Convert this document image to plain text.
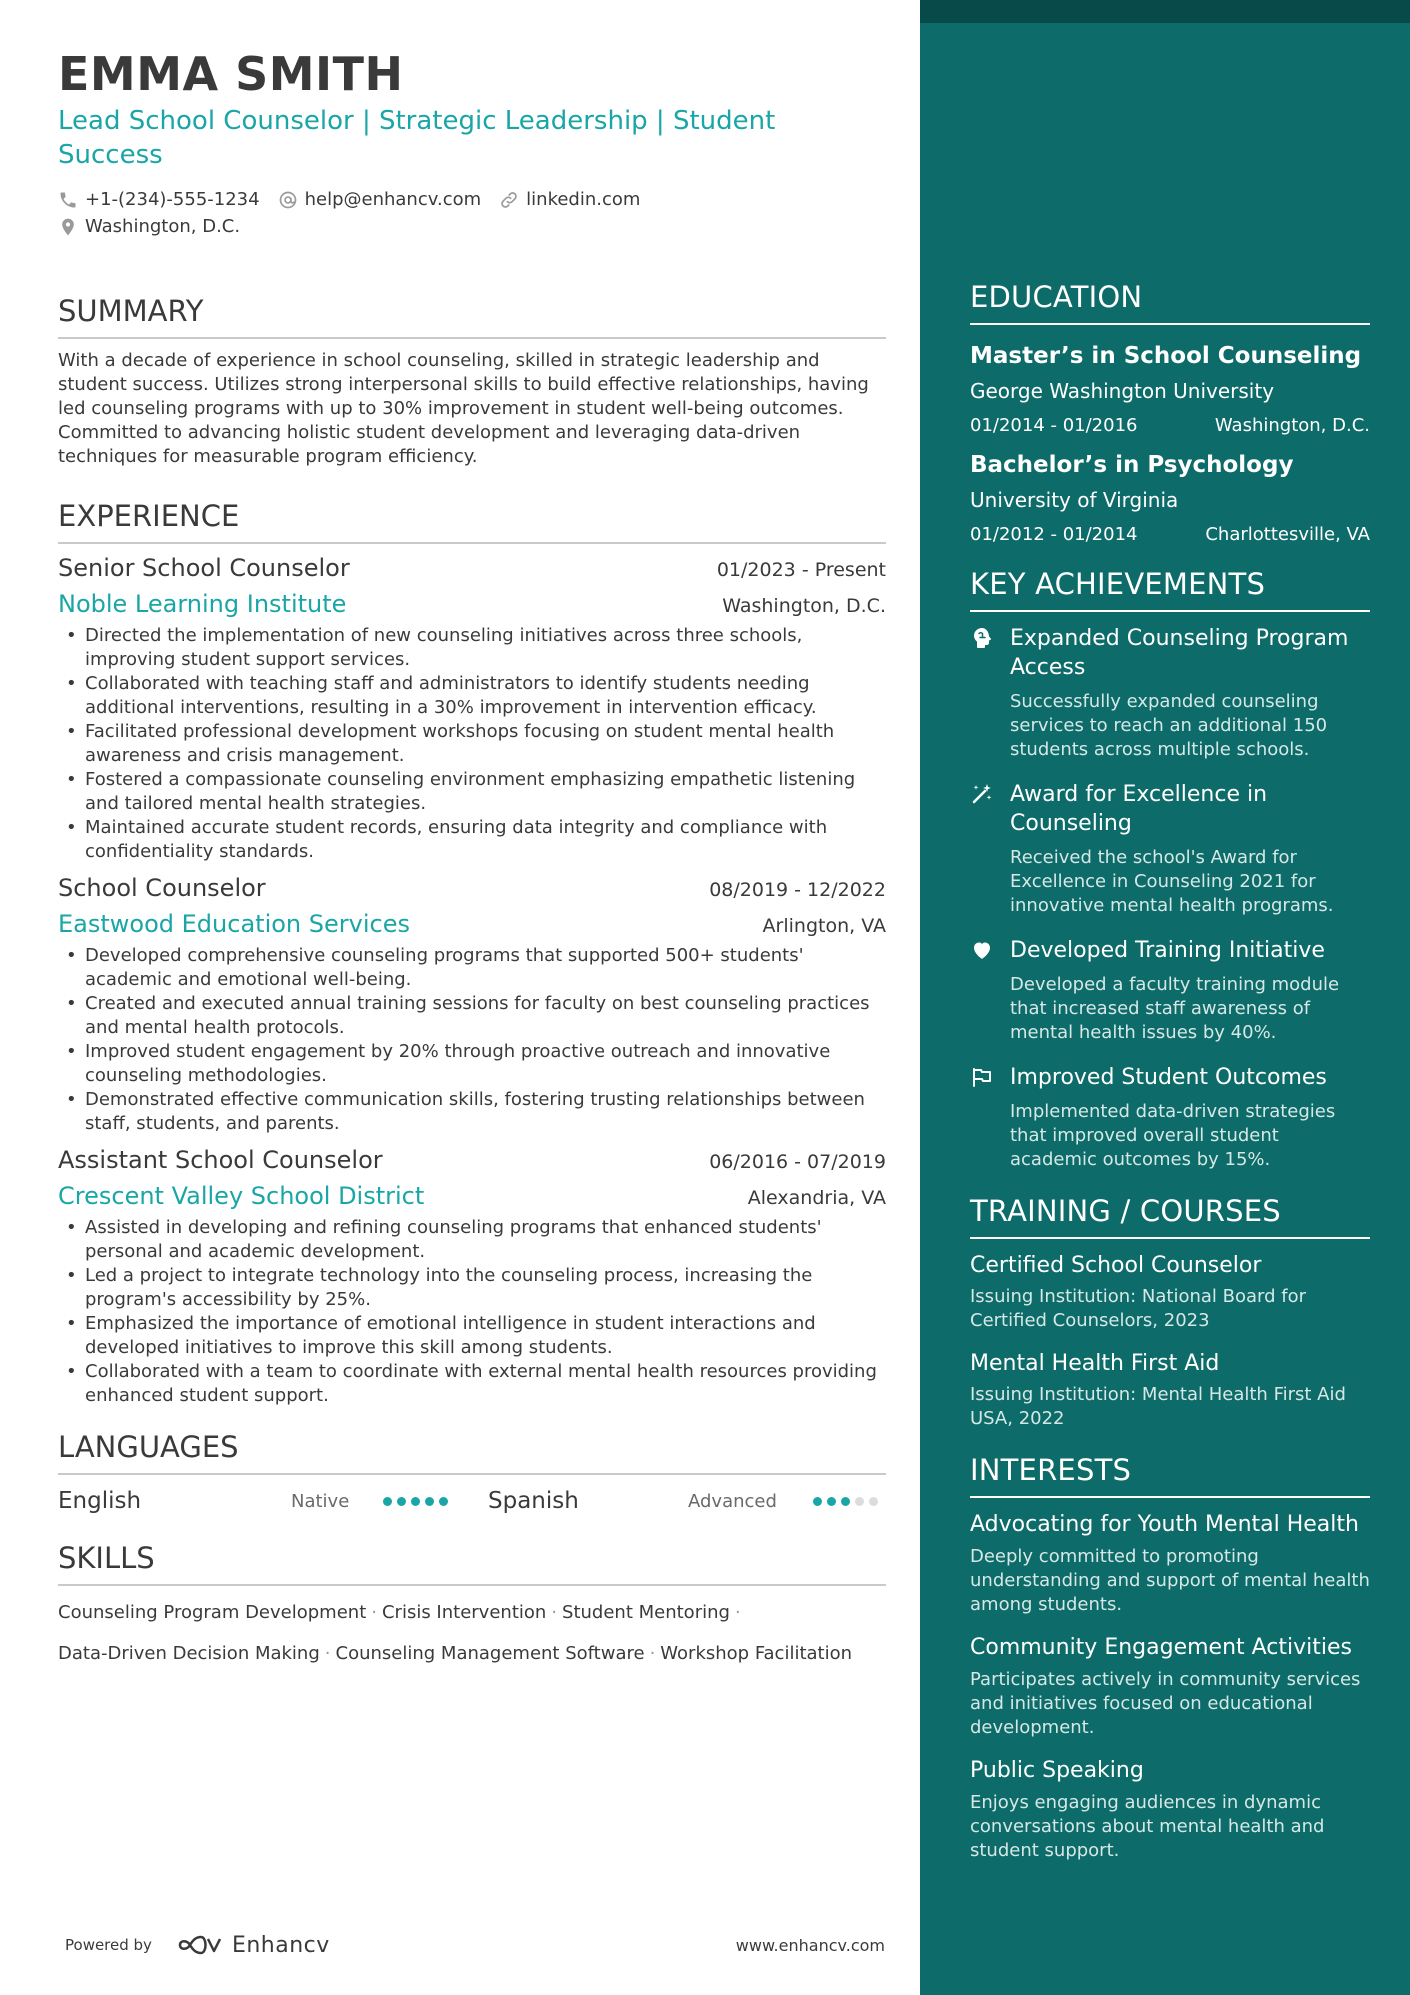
EMMA SMITH
Lead School Counselor | Strategic Leadership | Student Success
+1-(234)-555-1234	help@enhancv.com	linkedin.com
Washington, D.C.
SUMMARY
With a decade of experience in school counseling, skilled in strategic leadership and student success. Utilizes strong interpersonal skills to build effective relationships, having led counseling programs with up to 30% improvement in student well-being outcomes. Committed to advancing holistic student development and leveraging data-driven techniques for measurable program efficiency.
EXPERIENCE
Senior School Counselor	01/2023 - Present
Noble Learning Institute	Washington, D.C.
• Directed the implementation of new counseling initiatives across three schools, improving student support services.
• Collaborated with teaching staff and administrators to identify students needing additional interventions, resulting in a 30% improvement in intervention efficacy.
• Facilitated professional development workshops focusing on student mental health awareness and crisis management.
• Fostered a compassionate counseling environment emphasizing empathetic listening and tailored mental health strategies.
• Maintained accurate student records, ensuring data integrity and compliance with confidentiality standards.
School Counselor	08/2019 - 12/2022
Eastwood Education Services	Arlington, VA
• Developed comprehensive counseling programs that supported 500+ students' academic and emotional well-being.
• Created and executed annual training sessions for faculty on best counseling practices and mental health protocols.
• Improved student engagement by 20% through proactive outreach and innovative counseling methodologies.
• Demonstrated effective communication skills, fostering trusting relationships between staff, students, and parents.
Assistant School Counselor	06/2016 - 07/2019
Crescent Valley School District	Alexandria, VA
• Assisted in developing and refining counseling programs that enhanced students' personal and academic development.
• Led a project to integrate technology into the counseling process, increasing the program's accessibility by 25%.
• Emphasized the importance of emotional intelligence in student interactions and developed initiatives to improve this skill among students.
• Collaborated with a team to coordinate with external mental health resources providing enhanced student support.
LANGUAGES
English	Native	Spanish	Advanced
SKILLS
Counseling Program Development · Crisis Intervention · Student Mentoring ·
Data-Driven Decision Making · Counseling Management Software · Workshop Facilitation
Powered by	Enhancv	www.enhancv.com
EDUCATION
Master’s in School Counseling
George Washington University
01/2014 - 01/2016	Washington, D.C.
Bachelor’s in Psychology
University of Virginia
01/2012 - 01/2014	Charlottesville, VA
KEY ACHIEVEMENTS
Expanded Counseling Program Access
Successfully expanded counseling services to reach an additional 150 students across multiple schools.
Award for Excellence in Counseling
Received the school's Award for Excellence in Counseling 2021 for innovative mental health programs.
Developed Training Initiative
Developed a faculty training module that increased staff awareness of mental health issues by 40%.
Improved Student Outcomes
Implemented data-driven strategies that improved overall student academic outcomes by 15%.
TRAINING / COURSES
Certified School Counselor
Issuing Institution: National Board for Certified Counselors, 2023
Mental Health First Aid
Issuing Institution: Mental Health First Aid USA, 2022
INTERESTS
Advocating for Youth Mental Health
Deeply committed to promoting understanding and support of mental health among students.
Community Engagement Activities
Participates actively in community services and initiatives focused on educational development.
Public Speaking
Enjoys engaging audiences in dynamic conversations about mental health and student support.
